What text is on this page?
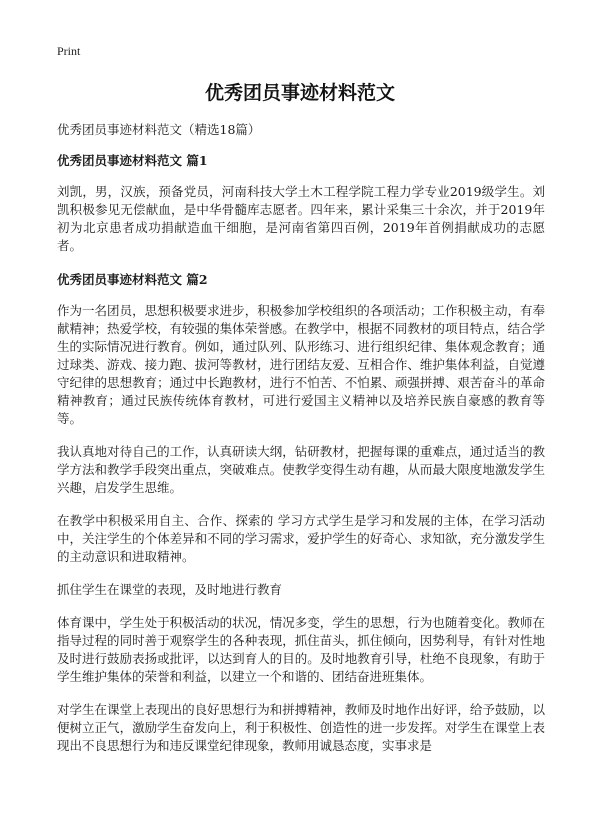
Print
优秀团员事迹材料范文
优秀团员事迹材料范文（精选18篇）
优秀团员事迹材料范文 篇1

刘凯，男，汉族，预备党员，河南科技大学土木工程学院工程力学专业2019级学生。刘凯积极参见无偿献血，是中华骨髓库志愿者。四年来，累计采集三十余次，并于2019年初为北京患者成功捐献造血干细胞，是河南省第四百例，2019年首例捐献成功的志愿者。

优秀团员事迹材料范文 篇2

作为一名团员，思想积极要求进步，积极参加学校组织的各项活动；工作积极主动，有奉献精神；热爱学校，有较强的集体荣誉感。在教学中，根据不同教材的项目特点，结合学生的实际情况进行教育。例如，通过队列、队形练习、进行组织纪律、集体观念教育；通过球类、游戏、接力跑、拔河等教材，进行团结友爱、互相合作、维护集体利益，自觉遵守纪律的思想教育；通过中长跑教材，进行不怕苦、不怕累、顽强拼搏、艰苦奋斗的革命精神教育；通过民族传统体育教材，可进行爱国主义精神以及培养民族自豪感的教育等等。

我认真地对待自己的工作，认真研读大纲，钻研教材，把握每课的重难点，通过适当的教学方法和教学手段突出重点，突破难点。使教学变得生动有趣，从而最大限度地激发学生兴趣，启发学生思维。

在教学中积极采用自主、合作、探索的 学习方式学生是学习和发展的主体，在学习活动中，关注学生的个体差异和不同的学习需求，爱护学生的好奇心、求知欲，充分激发学生的主动意识和进取精神。

抓住学生在课堂的表现，及时地进行教育

体育课中，学生处于积极活动的状况，情况多变，学生的思想，行为也随着变化。教师在指导过程的同时善于观察学生的各种表现，抓住苗头，抓住倾向，因势利导，有针对性地及时进行鼓励表扬或批评，以达到育人的目的。及时地教育引导，杜绝不良现象，有助于学生维护集体的荣誉和利益，以建立一个和谐的、团结奋进班集体。

对学生在课堂上表现出的良好思想行为和拼搏精神，教师及时地作出好评，给予鼓励，以便树立正气，激励学生奋发向上，利于积极性、创造性的进一步发挥。对学生在课堂上表现出不良思想行为和违反课堂纪律现象，教师用诚恳态度，实事求是
